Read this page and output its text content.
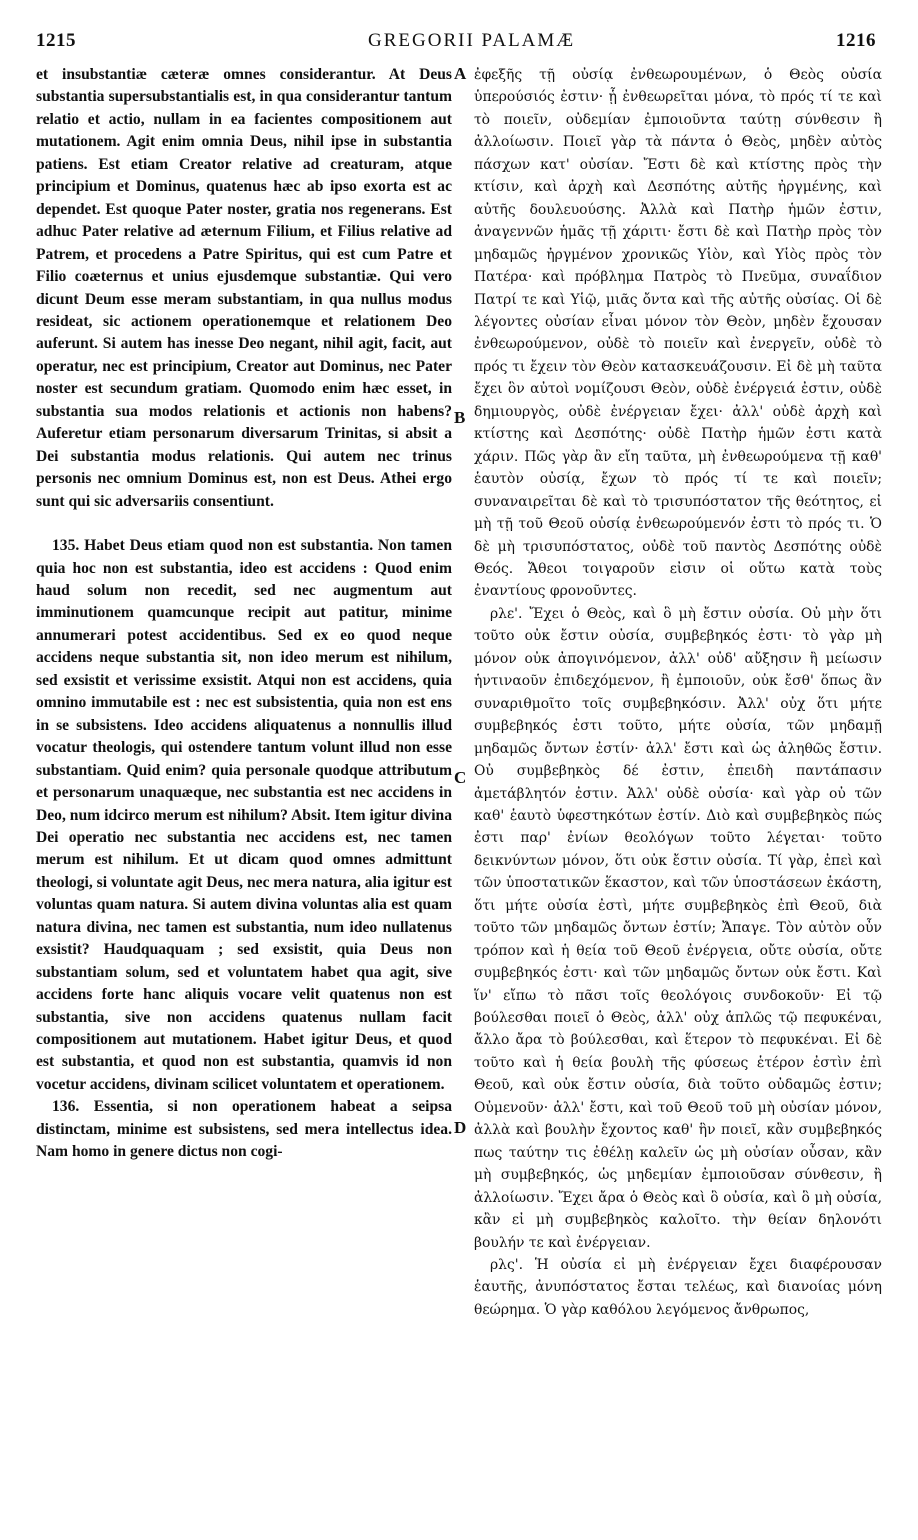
1215	GREGORII PALAMÆ	1216

et insubstantiæ cæteræ omnes considerantur. At Deus substantia supersubstantialis est, in qua considerantur tantum relatio et actio, nullam in ea facientes compositionem aut mutationem. Agit enim omnia Deus, nihil ipse in substantia patiens. Est etiam Creator relative ad creaturam, atque principium et Dominus, quatenus hæc ab ipso exorta est ac dependet. Est quoque Pater noster, gratia nos regenerans. Est adhuc Pater relative ad æternum Filium, et Filius relative ad Patrem, et procedens a Patre Spiritus, qui est cum Patre et Filio coæternus et unius ejusdemque substantiæ. Qui vero dicunt Deum esse meram substantiam, in qua nullus modus resideat, sic actionem operationemque et relationem Deo auferunt. Si autem has inesse Deo negant, nihil agit, facit, aut operatur, nec est principium, Creator aut Dominus, nec Pater noster est secundum gratiam. Quomodo enim hæc esset, in substantia sua modos relationis et actionis non habens? Auferetur etiam personarum diversarum Trinitas, si absit a Dei substantia modus relationis. Qui autem nec trinus personis nec omnium Dominus est, non est Deus. Athei ergo sunt qui sic adversariis consentiunt.

135. Habet Deus etiam quod non est substantia. Non tamen quia hoc non est substantia, ideo est accidens : Quod enim haud solum non recedit, sed nec augmentum aut imminutionem quamcunque recipit aut patitur, minime annumerari potest accidentibus. Sed ex eo quod neque accidens neque substantia sit, non ideo merum est nihilum, sed exsistit et verissime exsistit. Atqui non est accidens, quia omnino immutabile est : nec est subsistentia, quia non est ens in se subsistens. Ideo accidens aliquatenus a nonnullis illud vocatur theologis, qui ostendere tantum volunt illud non esse substantiam. Quid enim? quia personale quodque attributum et personarum unaquæque, nec substantia est nec accidens in Deo, num idcirco merum est nihilum? Absit. Item igitur divina Dei operatio nec substantia nec accidens est, nec tamen merum est nihilum. Et ut dicam quod omnes admittunt theologi, si voluntate agit Deus, nec mera natura, alia igitur est voluntas quam natura. Si autem divina voluntas alia est quam natura divina, nec tamen est substantia, num ideo nullatenus exsistit? Haudquaquam ; sed exsistit, quia Deus non substantiam solum, sed et voluntatem habet qua agit, sive accidens forte hanc aliquis vocare velit quatenus non est substantia, sive non accidens quatenus nullam facit compositionem aut mutationem. Habet igitur Deus, et quod est substantia, et quod non est substantia, quamvis id non vocetur accidens, divinam scilicet voluntatem et operationem.

136. Essentia, si non operationem habeat a seipsa distinctam, minime est subsistens, sed mera intellectus idea. Nam homo in genere dictus non cogi-

A
B
C
D

ἐφεξῆς τῇ οὐσίᾳ ἐνθεωρουμένων, ὁ Θεὸς οὐσία ὑπερούσιός ἐστιν· ᾗ ἐνθεωρεῖται μόνα, τὸ πρός τί τε καὶ τὸ ποιεῖν, οὐδεμίαν ἐμποιοῦντα ταύτῃ σύνθεσιν ἢ ἀλλοίωσιν. Ποιεῖ γὰρ τὰ πάντα ὁ Θεὸς, μηδὲν αὐτὸς πάσχων κατ' οὐσίαν. Ἔστι δὲ καὶ κτίστης πρὸς τὴν κτίσιν, καὶ ἀρχὴ καὶ Δεσπότης αὐτῆς ἠργμένης, καὶ αὐτῆς δουλευούσης. Ἀλλὰ καὶ Πατὴρ ἡμῶν ἐστιν, ἀναγεννῶν ἡμᾶς τῇ χάριτι· ἔστι δὲ καὶ Πατὴρ πρὸς τὸν μηδαμῶς ἠργμένον χρονικῶς Υἱὸν, καὶ Υἱὸς πρὸς τὸν Πατέρα· καὶ πρόβλημα Πατρὸς τὸ Πνεῦμα, συναΐδιον Πατρί τε καὶ Υἱῷ, μιᾶς ὄντα καὶ τῆς αὐτῆς οὐσίας. Οἱ δὲ λέγοντες οὐσίαν εἶναι μόνον τὸν Θεὸν, μηδὲν ἔχουσαν ἐνθεωρούμενον, οὐδὲ τὸ ποιεῖν καὶ ἐνεργεῖν, οὐδὲ τὸ πρός τι ἔχειν τὸν Θεὸν κατασκευάζουσιν. Εἰ δὲ μὴ ταῦτα ἔχει ὃν αὐτοὶ νομίζουσι Θεὸν, οὐδὲ ἐνέργειά ἐστιν, οὐδὲ δημιουργὸς, οὐδὲ ἐνέργειαν ἔχει· ἀλλ' οὐδὲ ἀρχὴ καὶ κτίστης καὶ Δεσπότης· οὐδὲ Πατὴρ ἡμῶν ἐστι κατὰ χάριν. Πῶς γὰρ ἂν εἴη ταῦτα, μὴ ἐνθεωρούμενα τῇ καθ' ἑαυτὸν οὐσίᾳ, ἔχων τὸ πρός τί τε καὶ ποιεῖν; συναναιρεῖται δὲ καὶ τὸ τρισυπόστατον τῆς θεότητος, εἰ μὴ τῇ τοῦ Θεοῦ οὐσίᾳ ἐνθεωρούμενόν ἐστι τὸ πρός τι. Ὁ δὲ μὴ τρισυπόστατος, οὐδὲ τοῦ παντὸς Δεσπότης οὐδὲ Θεός. Ἄθεοι τοιγαροῦν εἰσιν οἱ οὕτω κατὰ τοὺς ἐναντίους φρονοῦντες.

ρλε'. Ἔχει ὁ Θεὸς, καὶ ὃ μὴ ἔστιν οὐσία. Οὐ μὴν ὅτι τοῦτο οὐκ ἔστιν οὐσία, συμβεβηκός ἐστι· τὸ γὰρ μὴ μόνον οὐκ ἀπογινόμενον, ἀλλ' οὐδ' αὔξησιν ἢ μείωσιν ἡντιναοῦν ἐπιδεχόμενον, ἢ ἐμποιοῦν, οὐκ ἔσθ' ὅπως ἂν συναριθμοῖτο τοῖς συμβεβηκόσιν. Ἀλλ' οὐχ ὅτι μήτε συμβεβηκός ἐστι τοῦτο, μήτε οὐσία, τῶν μηδαμῇ μηδαμῶς ὄντων ἐστίν· ἀλλ' ἔστι καὶ ὡς ἀληθῶς ἔστιν. Οὐ συμβεβηκὸς δέ ἐστιν, ἐπειδὴ παντάπασιν ἀμετάβλητόν ἐστιν. Ἀλλ' οὐδὲ οὐσία· καὶ γὰρ οὐ τῶν καθ' ἑαυτὸ ὑφεστηκότων ἐστίν. Διὸ καὶ συμβεβηκὸς πώς ἐστι παρ' ἐνίων θεολόγων τοῦτο λέγεται· τοῦτο δεικνύντων μόνον, ὅτι οὐκ ἔστιν οὐσία. Τί γὰρ, ἐπεὶ καὶ τῶν ὑποστατικῶν ἕκαστον, καὶ τῶν ὑποστάσεων ἑκάστη, ὅτι μήτε οὐσία ἐστὶ, μήτε συμβεβηκὸς ἐπὶ Θεοῦ, διὰ τοῦτο τῶν μηδαμῶς ὄντων ἐστίν; Ἄπαγε. Τὸν αὐτὸν οὖν τρόπον καὶ ἡ θεία τοῦ Θεοῦ ἐνέργεια, οὔτε οὐσία, οὔτε συμβεβηκός ἐστι· καὶ τῶν μηδαμῶς ὄντων οὐκ ἔστι. Καὶ ἵν' εἴπω τὸ πᾶσι τοῖς θεολόγοις συνδοκοῦν· Εἰ τῷ βούλεσθαι ποιεῖ ὁ Θεὸς, ἀλλ' οὐχ ἁπλῶς τῷ πεφυκέναι, ἄλλο ἄρα τὸ βούλεσθαι, καὶ ἕτερον τὸ πεφυκέναι. Εἰ δὲ τοῦτο καὶ ἡ θεία βουλὴ τῆς φύσεως ἑτέρον ἐστὶν ἐπὶ Θεοῦ, καὶ οὐκ ἔστιν οὐσία, διὰ τοῦτο οὐδαμῶς ἐστιν; Οὐμενοῦν· ἀλλ' ἔστι, καὶ τοῦ Θεοῦ τοῦ μὴ οὐσίαν μόνον, ἀλλὰ καὶ βουλὴν ἔχοντος καθ' ἣν ποιεῖ, κἂν συμβεβηκός πως ταύτην τις ἐθέλῃ καλεῖν ὡς μὴ οὐσίαν οὖσαν, κἂν μὴ συμβεβηκός, ὡς μηδεμίαν ἐμποιοῦσαν σύνθεσιν, ἢ ἀλλοίωσιν. Ἔχει ἄρα ὁ Θεὸς καὶ ὃ οὐσία, καὶ ὃ μὴ οὐσία, κἂν εἰ μὴ συμβεβηκὸς καλοῖτο. τὴν θείαν δηλονότι βουλήν τε καὶ ἐνέργειαν.

ρλς'. Ἡ οὐσία εἰ μὴ ἐνέργειαν ἔχει διαφέρουσαν ἑαυτῆς, ἀνυπόστατος ἔσται τελέως, καὶ διανοίας μόνη θεώρημα. Ὁ γὰρ καθόλου λεγόμενος ἄνθρωπος,
